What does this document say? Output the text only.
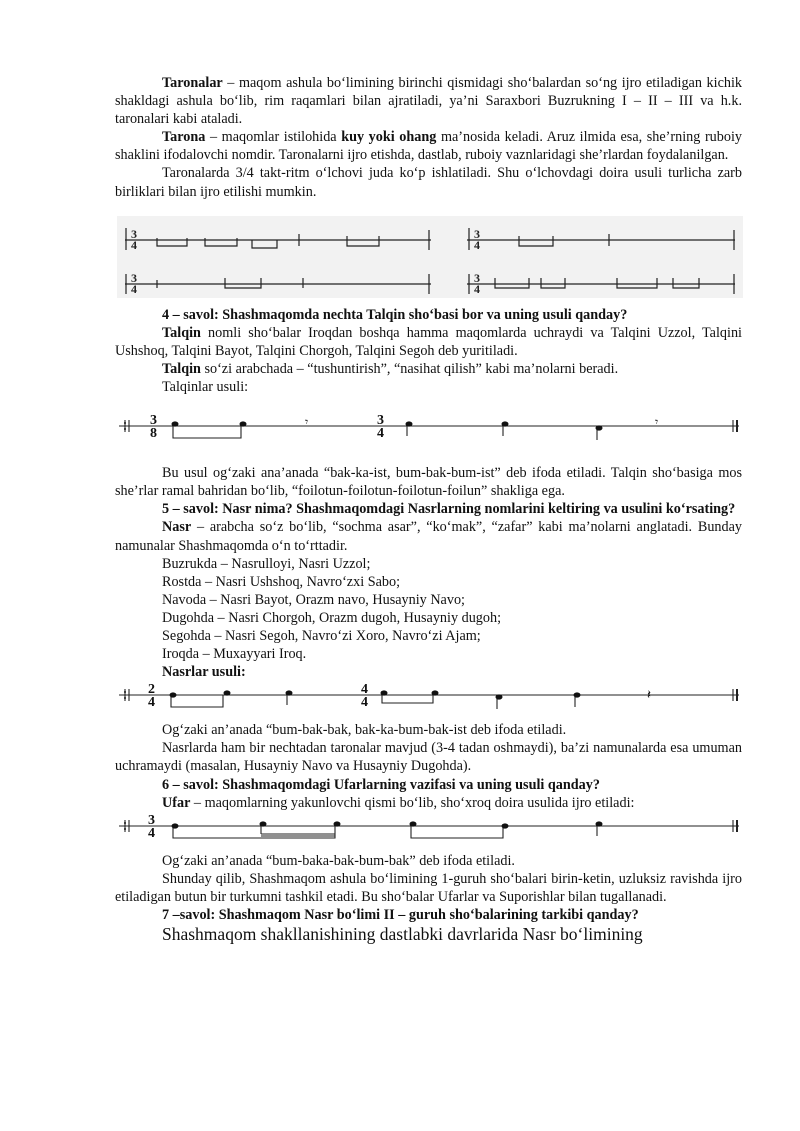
Taronalar – maqom ashula bo‘limining birinchi qismidagi sho‘balardan so‘ng ijro etiladigan kichik shakldagi ashula bo‘lib, rim raqamlari bilan ajratiladi, ya’ni Saraxbori Buzrukning I – II – III va h.k. taronalari kabi ataladi.

Tarona – maqomlar istilohida kuy yoki ohang ma’nosida keladi. Aruz ilmida esa, she’rning ruboiy shaklini ifodalovchi nomdir. Taronalarni ijro etishda, dastlab, ruboiy vaznlaridagi she’rlardan foydalanilgan.

Taronalarda 3/4 takt-ritm o‘lchovi juda ko‘p ishlatiladi. Shu o‘lchovdagi doira usuli turlicha zarb birliklari bilan ijro etilishi mumkin.

3
4
3
4
3
4
3
4

4 – savol: Shashmaqomda nechta Talqin sho‘basi bor va uning usuli qanday?

Talqin nomli sho‘balar Iroqdan boshqa hamma maqomlarda uchraydi va Talqini Uzzol, Talqini Ushshoq, Talqini Bayot, Talqini Chorgoh, Talqini Segoh deb yuritiladi.

Talqin so‘zi arabchada – “tushuntirish”, “nasihat qilish” kabi ma’nolarni beradi.

Talqinlar usuli:

3
8
3
4
𝄾	𝄾

Bu usul og‘zaki ana’anada “bak-ka-ist, bum-bak-bum-ist” deb ifoda etiladi. Talqin sho‘basiga mos she’rlar ramal bahridan bo‘lib, “foilotun-foilotun-foilotun-foilun” shakliga ega.

5 – savol: Nasr nima? Shashmaqomdagi Nasrlarning nomlarini keltiring va usulini ko‘rsating?

Nasr – arabcha so‘z bo‘lib, “sochma asar”, “ko‘mak”, “zafar” kabi ma’nolarni anglatadi. Bunday namunalar Shashmaqomda o‘n to‘rttadir.

Buzrukda – Nasrulloyi, Nasri Uzzol;

Rostda – Nasri Ushshoq, Navro‘zxi Sabo;

Navoda – Nasri Bayot, Orazm navo, Husayniy Navo;

Dugohda – Nasri Chorgoh, Orazm dugoh, Husayniy dugoh;

Segohda – Nasri Segoh, Navro‘zi Xoro, Navro‘zi Ajam;

Iroqda – Muxayyari Iroq.

Nasrlar usuli:

2
4
4
4	𝄽

Og‘zaki an’anada “bum-bak-bak, bak-ka-bum-bak-ist deb ifoda etiladi.

Nasrlarda ham bir nechtadan taronalar mavjud (3-4 tadan oshmaydi), ba’zi namunalarda esa umuman uchramaydi (masalan, Husayniy Navo va Husayniy Dugohda).

6 – savol: Shashmaqomdagi Ufarlarning vazifasi va uning usuli qanday?

Ufar – maqomlarning yakunlovchi qismi bo‘lib, sho‘xroq doira usulida ijro etiladi:

3
4

Og‘zaki an’anada “bum-baka-bak-bum-bak” deb ifoda etiladi.

Shunday qilib, Shashmaqom ashula bo‘limining 1-guruh sho‘balari birin-ketin, uzluksiz ravishda ijro etiladigan butun bir turkumni tashkil etadi. Bu sho‘balar Ufarlar va Suporishlar bilan tugallanadi.

7 –savol: Shashmaqom Nasr bo‘limi II – guruh sho‘balarining tarkibi qanday?

Shashmaqom shakllanishining dastlabki davrlarida Nasr bo‘limining
